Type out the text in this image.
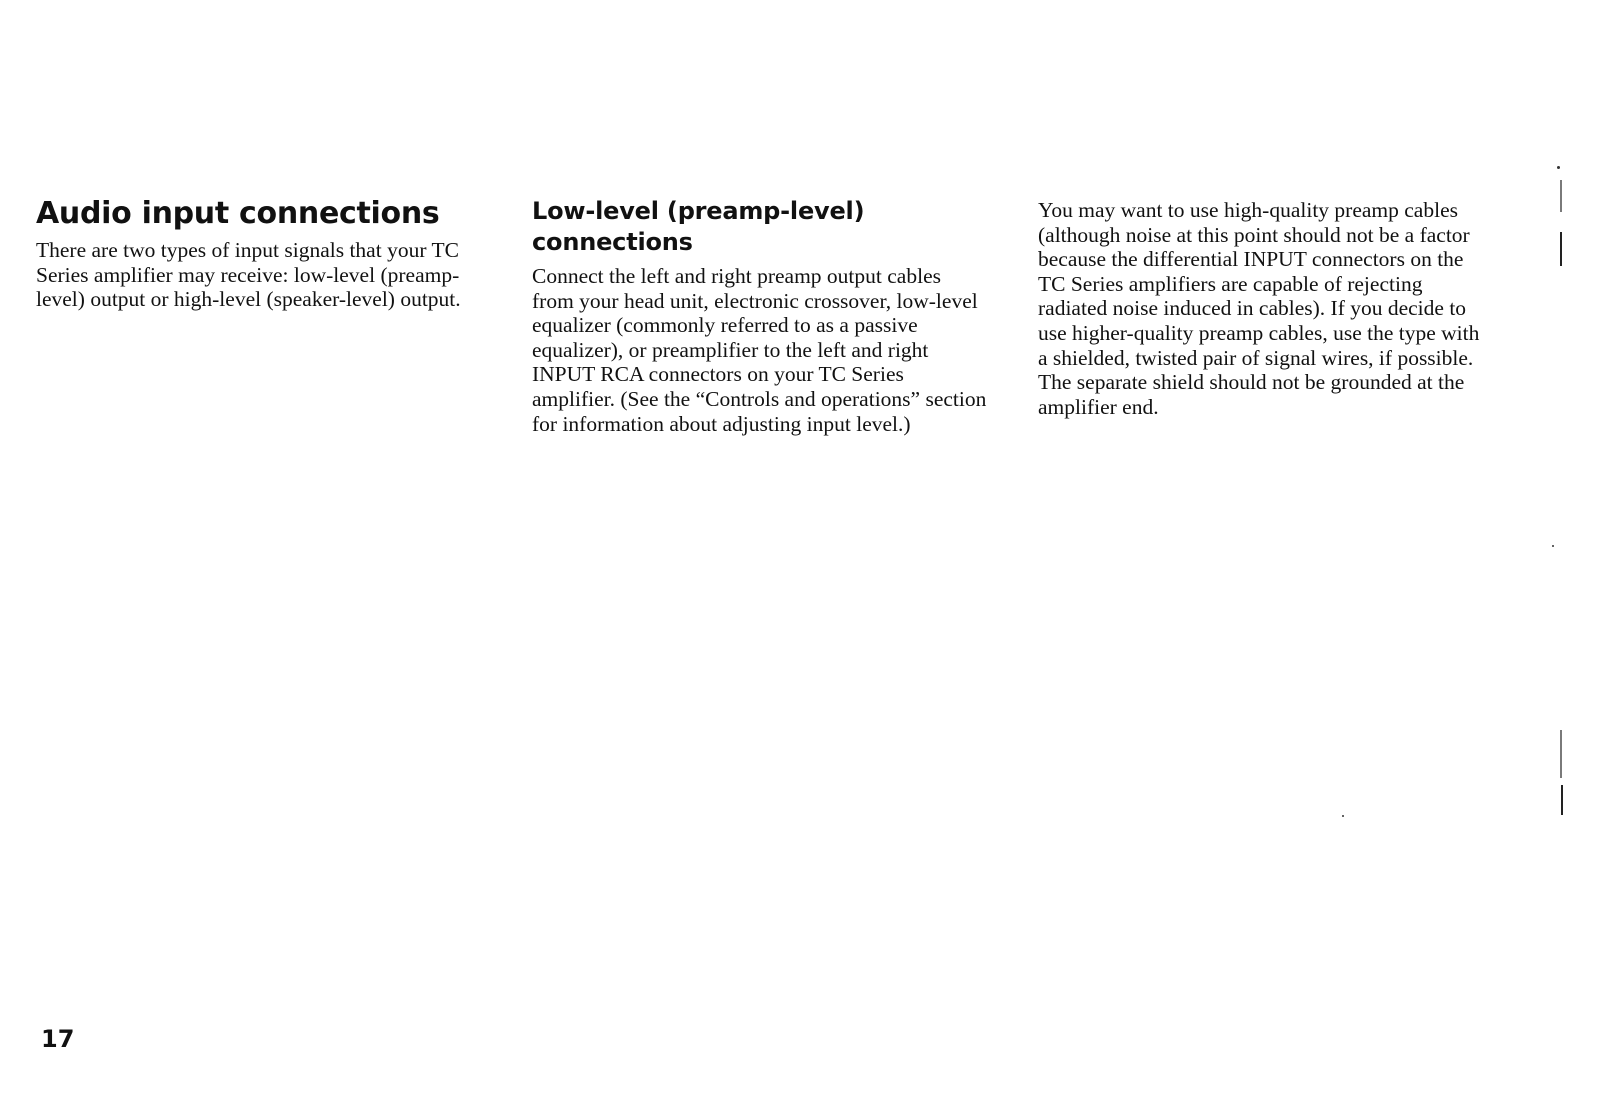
Audio input connections

There are two types of input signals that your TC Series amplifier may receive: low-level (preamp-level) output or high-level (speaker-level) output.

Low-level (preamp-level) connections

Connect the left and right preamp output cables from your head unit, electronic crossover, low-level equalizer (commonly referred to as a passive equalizer), or preamplifier to the left and right INPUT RCA connectors on your TC Series amplifier. (See the “Controls and operations” section for information about adjusting input level.)

You may want to use high-quality preamp cables (although noise at this point should not be a factor because the differential INPUT connectors on the TC Series amplifiers are capable of rejecting radiated noise induced in cables). If you decide to use higher-quality preamp cables, use the type with a shielded, twisted pair of signal wires, if possible. The separate shield should not be grounded at the amplifier end.

17
